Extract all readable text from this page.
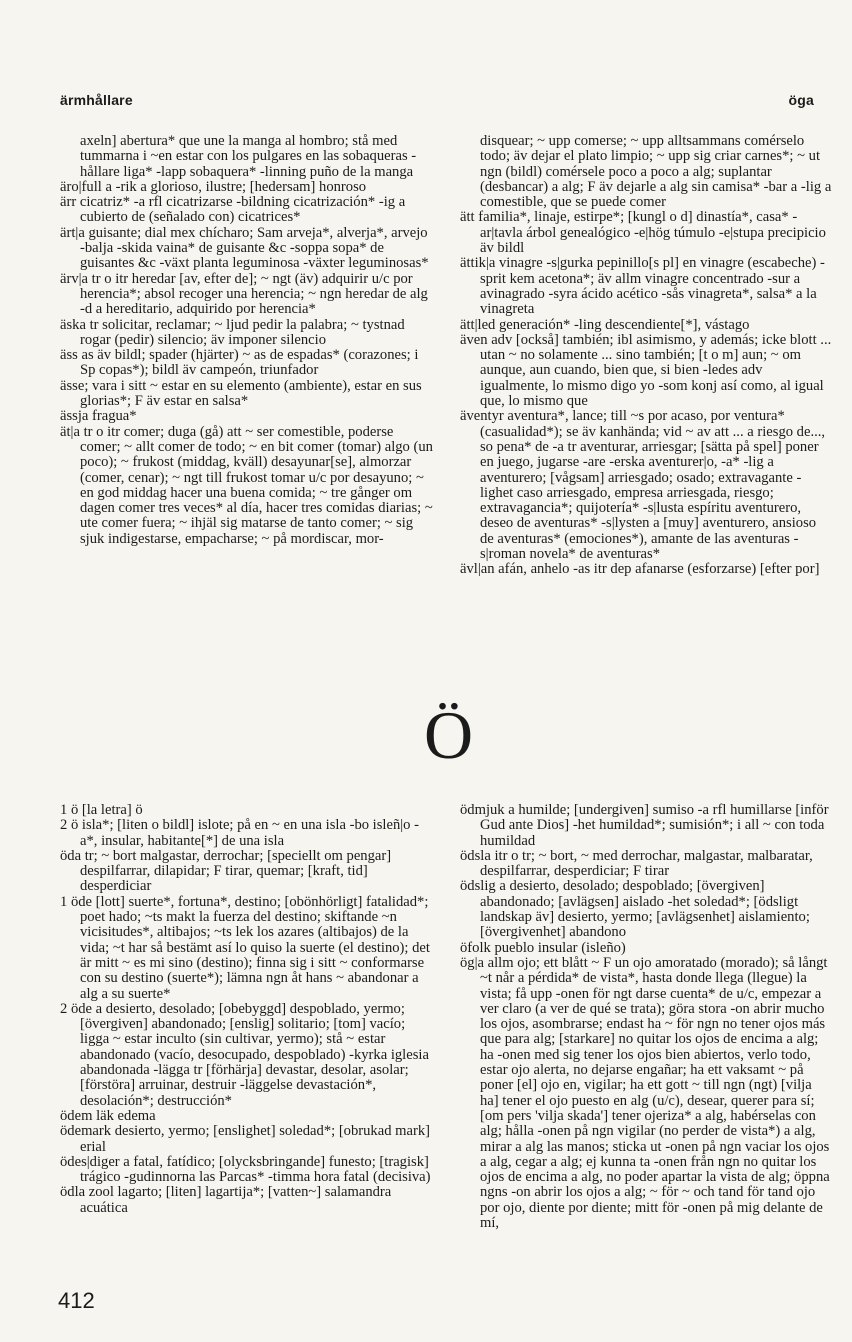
ärmhållare	öga

axeln] abertura* que une la manga al hombro; stå med tummarna i ~en estar con los pulgares en las sobaqueras -hållare liga* -lapp sobaquera* -linning puño de la manga

äro|full a -rik a glorioso, ilustre; [hedersam] honroso

ärr cicatriz* -a rfl cicatrizarse -bildning cicatrización* -ig a cubierto de (señalado con) cicatrices*

ärt|a guisante; dial mex chícharo; Sam arveja*, alverja*, arvejo -balja -skida vaina* de guisante &c -soppa sopa* de guisantes &c -växt planta leguminosa -växter leguminosas*

ärv|a tr o itr heredar [av, efter de]; ~ ngt (äv) adquirir u/c por herencia*; absol recoger una herencia; ~ ngn heredar de alg -d a hereditario, adquirido por herencia*

äska tr solicitar, reclamar; ~ ljud pedir la palabra; ~ tystnad rogar (pedir) silencio; äv imponer silencio

äss as äv bildl; spader (hjärter) ~ as de espadas* (corazones; i Sp copas*); bildl äv campeón, triunfador

ässe; vara i sitt ~ estar en su elemento (ambiente), estar en sus glorias*; F äv estar en salsa*

ässja fragua*

ät|a tr o itr comer; duga (gå) att ~ ser comestible, poderse comer; ~ allt comer de todo; ~ en bit comer (tomar) algo (un poco); ~ frukost (middag, kväll) desayunar[se], almorzar (comer, cenar); ~ ngt till frukost tomar u/c por desayuno; ~ en god middag hacer una buena comida; ~ tre gånger om dagen comer tres veces* al día, hacer tres comidas diarias; ~ ute comer fuera; ~ ihjäl sig matarse de tanto comer; ~ sig sjuk indigestarse, empacharse; ~ på mordiscar, mor-

disquear; ~ upp comerse; ~ upp alltsammans comérselo todo; äv dejar el plato limpio; ~ upp sig criar carnes*; ~ ut ngn (bildl) comérsele poco a poco a alg; suplantar (desbancar) a alg; F äv dejarle a alg sin camisa* -bar a -lig a comestible, que se puede comer

ätt familia*, linaje, estirpe*; [kungl o d] dinastía*, casa* -ar|tavla árbol genealógico -e|hög túmulo -e|stupa precipicio äv bildl

ättik|a vinagre -s|gurka pepinillo[s pl] en vinagre (escabeche) -sprit kem acetona*; äv allm vinagre concentrado -sur a avinagrado -syra ácido acético -sås vinagreta*, salsa* a la vinagreta

ätt|led generación* -ling descendiente[*], vástago

även adv [också] también; ibl asimismo, y además; icke blott ... utan ~ no solamente ... sino también; [t o m] aun; ~ om aunque, aun cuando, bien que, si bien -ledes adv igualmente, lo mismo digo yo -som konj así como, al igual que, lo mismo que

äventyr aventura*, lance; till ~s por acaso, por ventura* (casualidad*); se äv kanhända; vid ~ av att ... a riesgo de..., so pena* de -a tr aventurar, arriesgar; [sätta på spel] poner en juego, jugarse -are -erska aventurer|o, -a* -lig a aventurero; [vågsam] arriesgado; osado; extravagante -lighet caso arriesgado, empresa arriesgada, riesgo; extravagancia*; quijotería* -s|lusta espíritu aventurero, deseo de aventuras* -s|lysten a [muy] aventurero, ansioso de aventuras* (emociones*), amante de las aventuras -s|roman novela* de aventuras*

ävl|an afán, anhelo -as itr dep afanarse (esforzarse) [efter por]

Ö

1 ö [la letra] ö

2 ö isla*; [liten o bildl] islote; på en ~ en una isla -bo isleñ|o -a*, insular, habitante[*] de una isla

öda tr; ~ bort malgastar, derrochar; [speciellt om pengar] despilfarrar, dilapidar; F tirar, quemar; [kraft, tid] desperdiciar

1 öde [lott] suerte*, fortuna*, destino; [obönhörligt] fatalidad*; poet hado; ~ts makt la fuerza del destino; skiftande ~n vicisitudes*, altibajos; ~ts lek los azares (altibajos) de la vida; ~t har så bestämt así lo quiso la suerte (el destino); det är mitt ~ es mi sino (destino); finna sig i sitt ~ conformarse con su destino (suerte*); lämna ngn åt hans ~ abandonar a alg a su suerte*

2 öde a desierto, desolado; [obebyggd] despoblado, yermo; [övergiven] abandonado; [enslig] solitario; [tom] vacío; ligga ~ estar inculto (sin cultivar, yermo); stå ~ estar abandonado (vacío, desocupado, despoblado) -kyrka iglesia abandonada -lägga tr [förhärja] devastar, desolar, asolar; [förstöra] arruinar, destruir -läggelse devastación*, desolación*; destrucción*

ödem läk edema

ödemark desierto, yermo; [enslighet] soledad*; [obrukad mark] erial

ödes|diger a fatal, fatídico; [olycksbringande] funesto; [tragisk] trágico -gudinnorna las Parcas* -timma hora fatal (decisiva)

ödla zool lagarto; [liten] lagartija*; [vatten~] salamandra acuática

ödmjuk a humilde; [undergiven] sumiso -a rfl humillarse [inför Gud ante Dios] -het humildad*; sumisión*; i all ~ con toda humildad

ödsla itr o tr; ~ bort, ~ med derrochar, malgastar, malbaratar, despilfarrar, desperdiciar; F tirar

ödslig a desierto, desolado; despoblado; [övergiven] abandonado; [avlägsen] aislado -het soledad*; [ödsligt landskap äv] desierto, yermo; [avlägsenhet] aislamiento; [övergivenhet] abandono

öfolk pueblo insular (isleño)

ög|a allm ojo; ett blått ~ F un ojo amoratado (morado); så långt ~t når a pérdida* de vista*, hasta donde llega (llegue) la vista; få upp -onen för ngt darse cuenta* de u/c, empezar a ver claro (a ver de qué se trata); göra stora -on abrir mucho los ojos, asombrarse; endast ha ~ för ngn no tener ojos más que para alg; [starkare] no quitar los ojos de encima a alg; ha -onen med sig tener los ojos bien abiertos, verlo todo, estar ojo alerta, no dejarse engañar; ha ett vaksamt ~ på poner [el] ojo en, vigilar; ha ett gott ~ till ngn (ngt) [vilja ha] tener el ojo puesto en alg (u/c), desear, querer para sí; [om pers 'vilja skada'] tener ojeriza* a alg, habérselas con alg; hålla -onen på ngn vigilar (no perder de vista*) a alg, mirar a alg las manos; sticka ut -onen på ngn vaciar los ojos a alg, cegar a alg; ej kunna ta -onen från ngn no quitar los ojos de encima a alg, no poder apartar la vista de alg; öppna ngns -on abrir los ojos a alg; ~ för ~ och tand för tand ojo por ojo, diente por diente; mitt för -onen på mig delante de mí,

412
